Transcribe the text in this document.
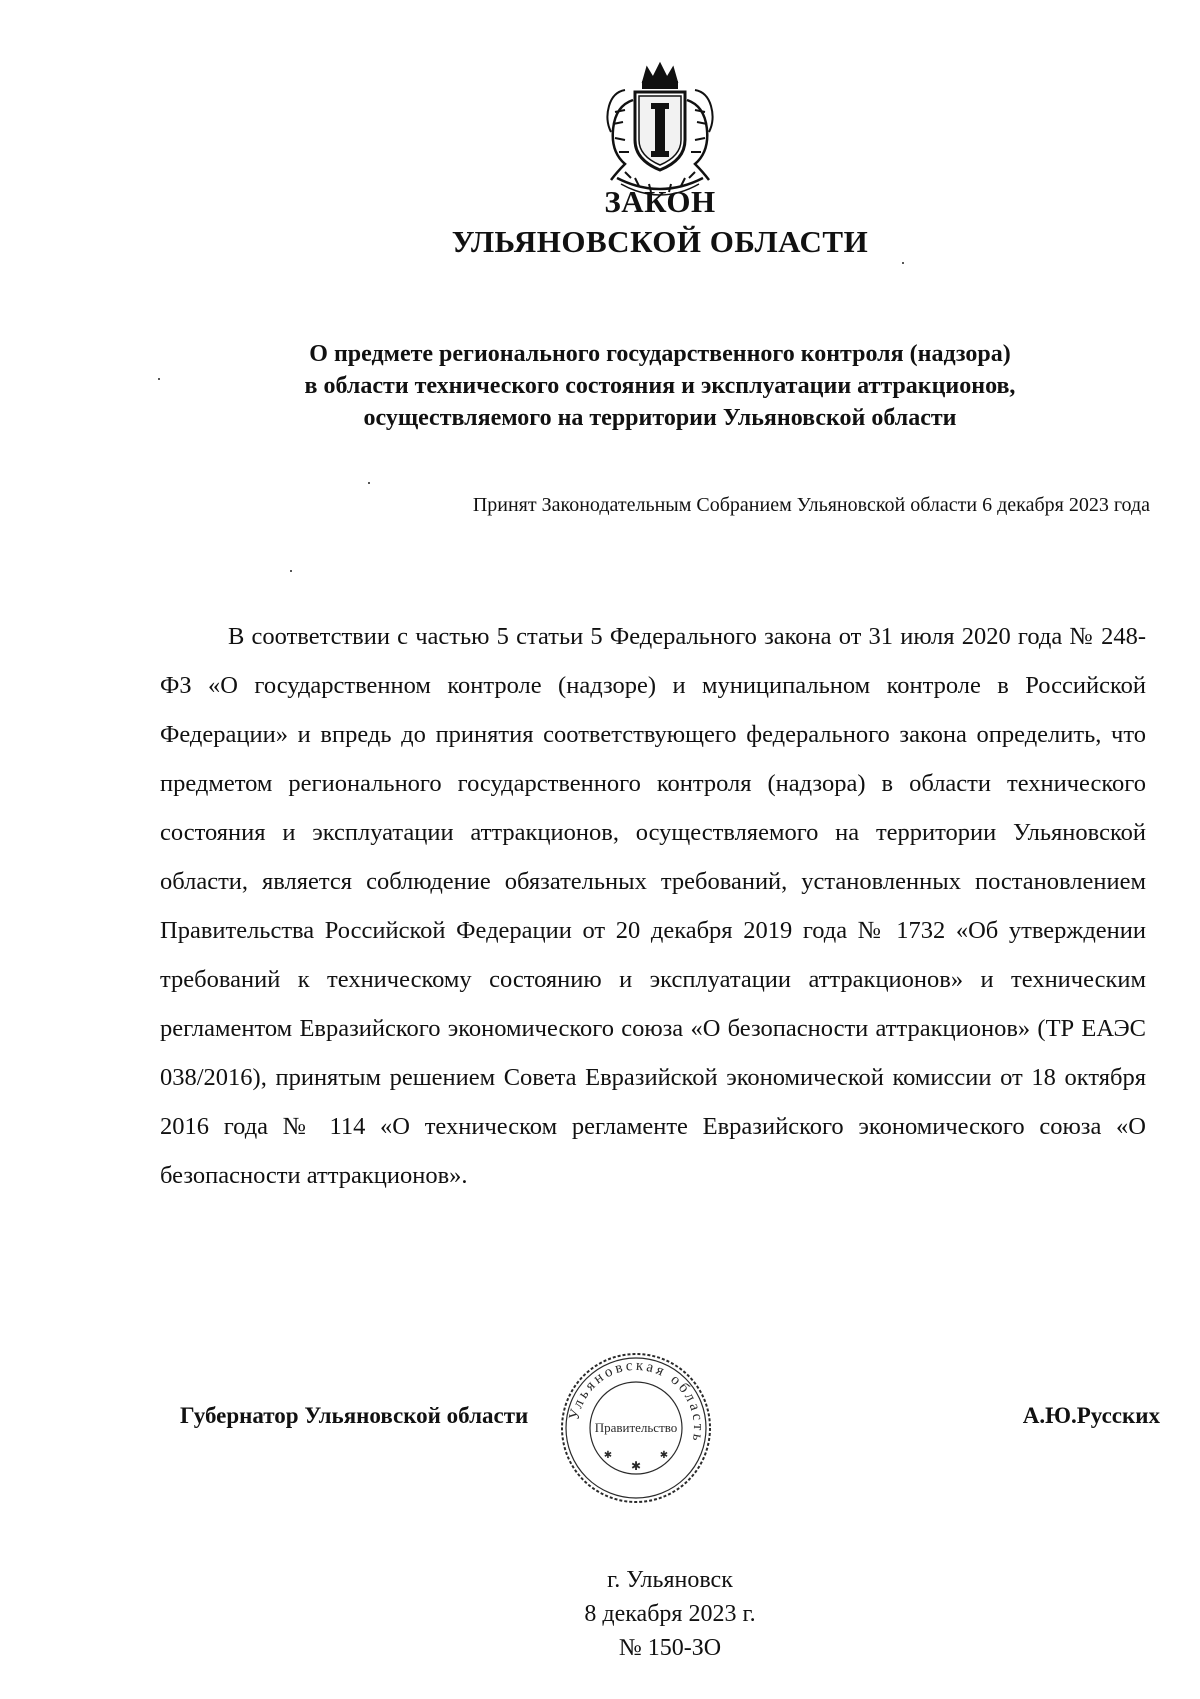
ЗАКОН
УЛЬЯНОВСКОЙ ОБЛАСТИ
О предмете регионального государственного контроля (надзора)
в области технического состояния и эксплуатации аттракционов,
осуществляемого на территории Ульяновской области
Принят Законодательным Собранием Ульяновской области 6 декабря 2023 года
В соответствии с частью 5 статьи 5 Федерального закона от 31 июля 2020 года № 248-ФЗ «О государственном контроле (надзоре) и муниципальном контроле в Российской Федерации» и впредь до принятия соответствующего федерального закона определить, что предметом регионального государственного контроля (надзора) в области технического состояния и эксплуатации аттракционов, осуществляемого на территории Ульяновской области, является соблюдение обязательных требований, установленных постановлением Правительства Российской Федерации от 20 декабря 2019 года № 1732 «Об утверждении требований к техническому состоянию и эксплуатации аттракционов» и техническим регламентом Евразийского экономического союза «О безопасности аттракционов» (ТР ЕАЭС 038/2016), принятым решением Совета Евразийской экономической комиссии от 18 октября 2016 года № 114 «О техническом регламенте Евразийского экономического союза «О безопасности аттракционов».
Ульяновская область
Правительство
✱
✱	✱
Губернатор Ульяновской области	А.Ю.Русских
г. Ульяновск
8 декабря 2023 г.
№ 150-ЗО
